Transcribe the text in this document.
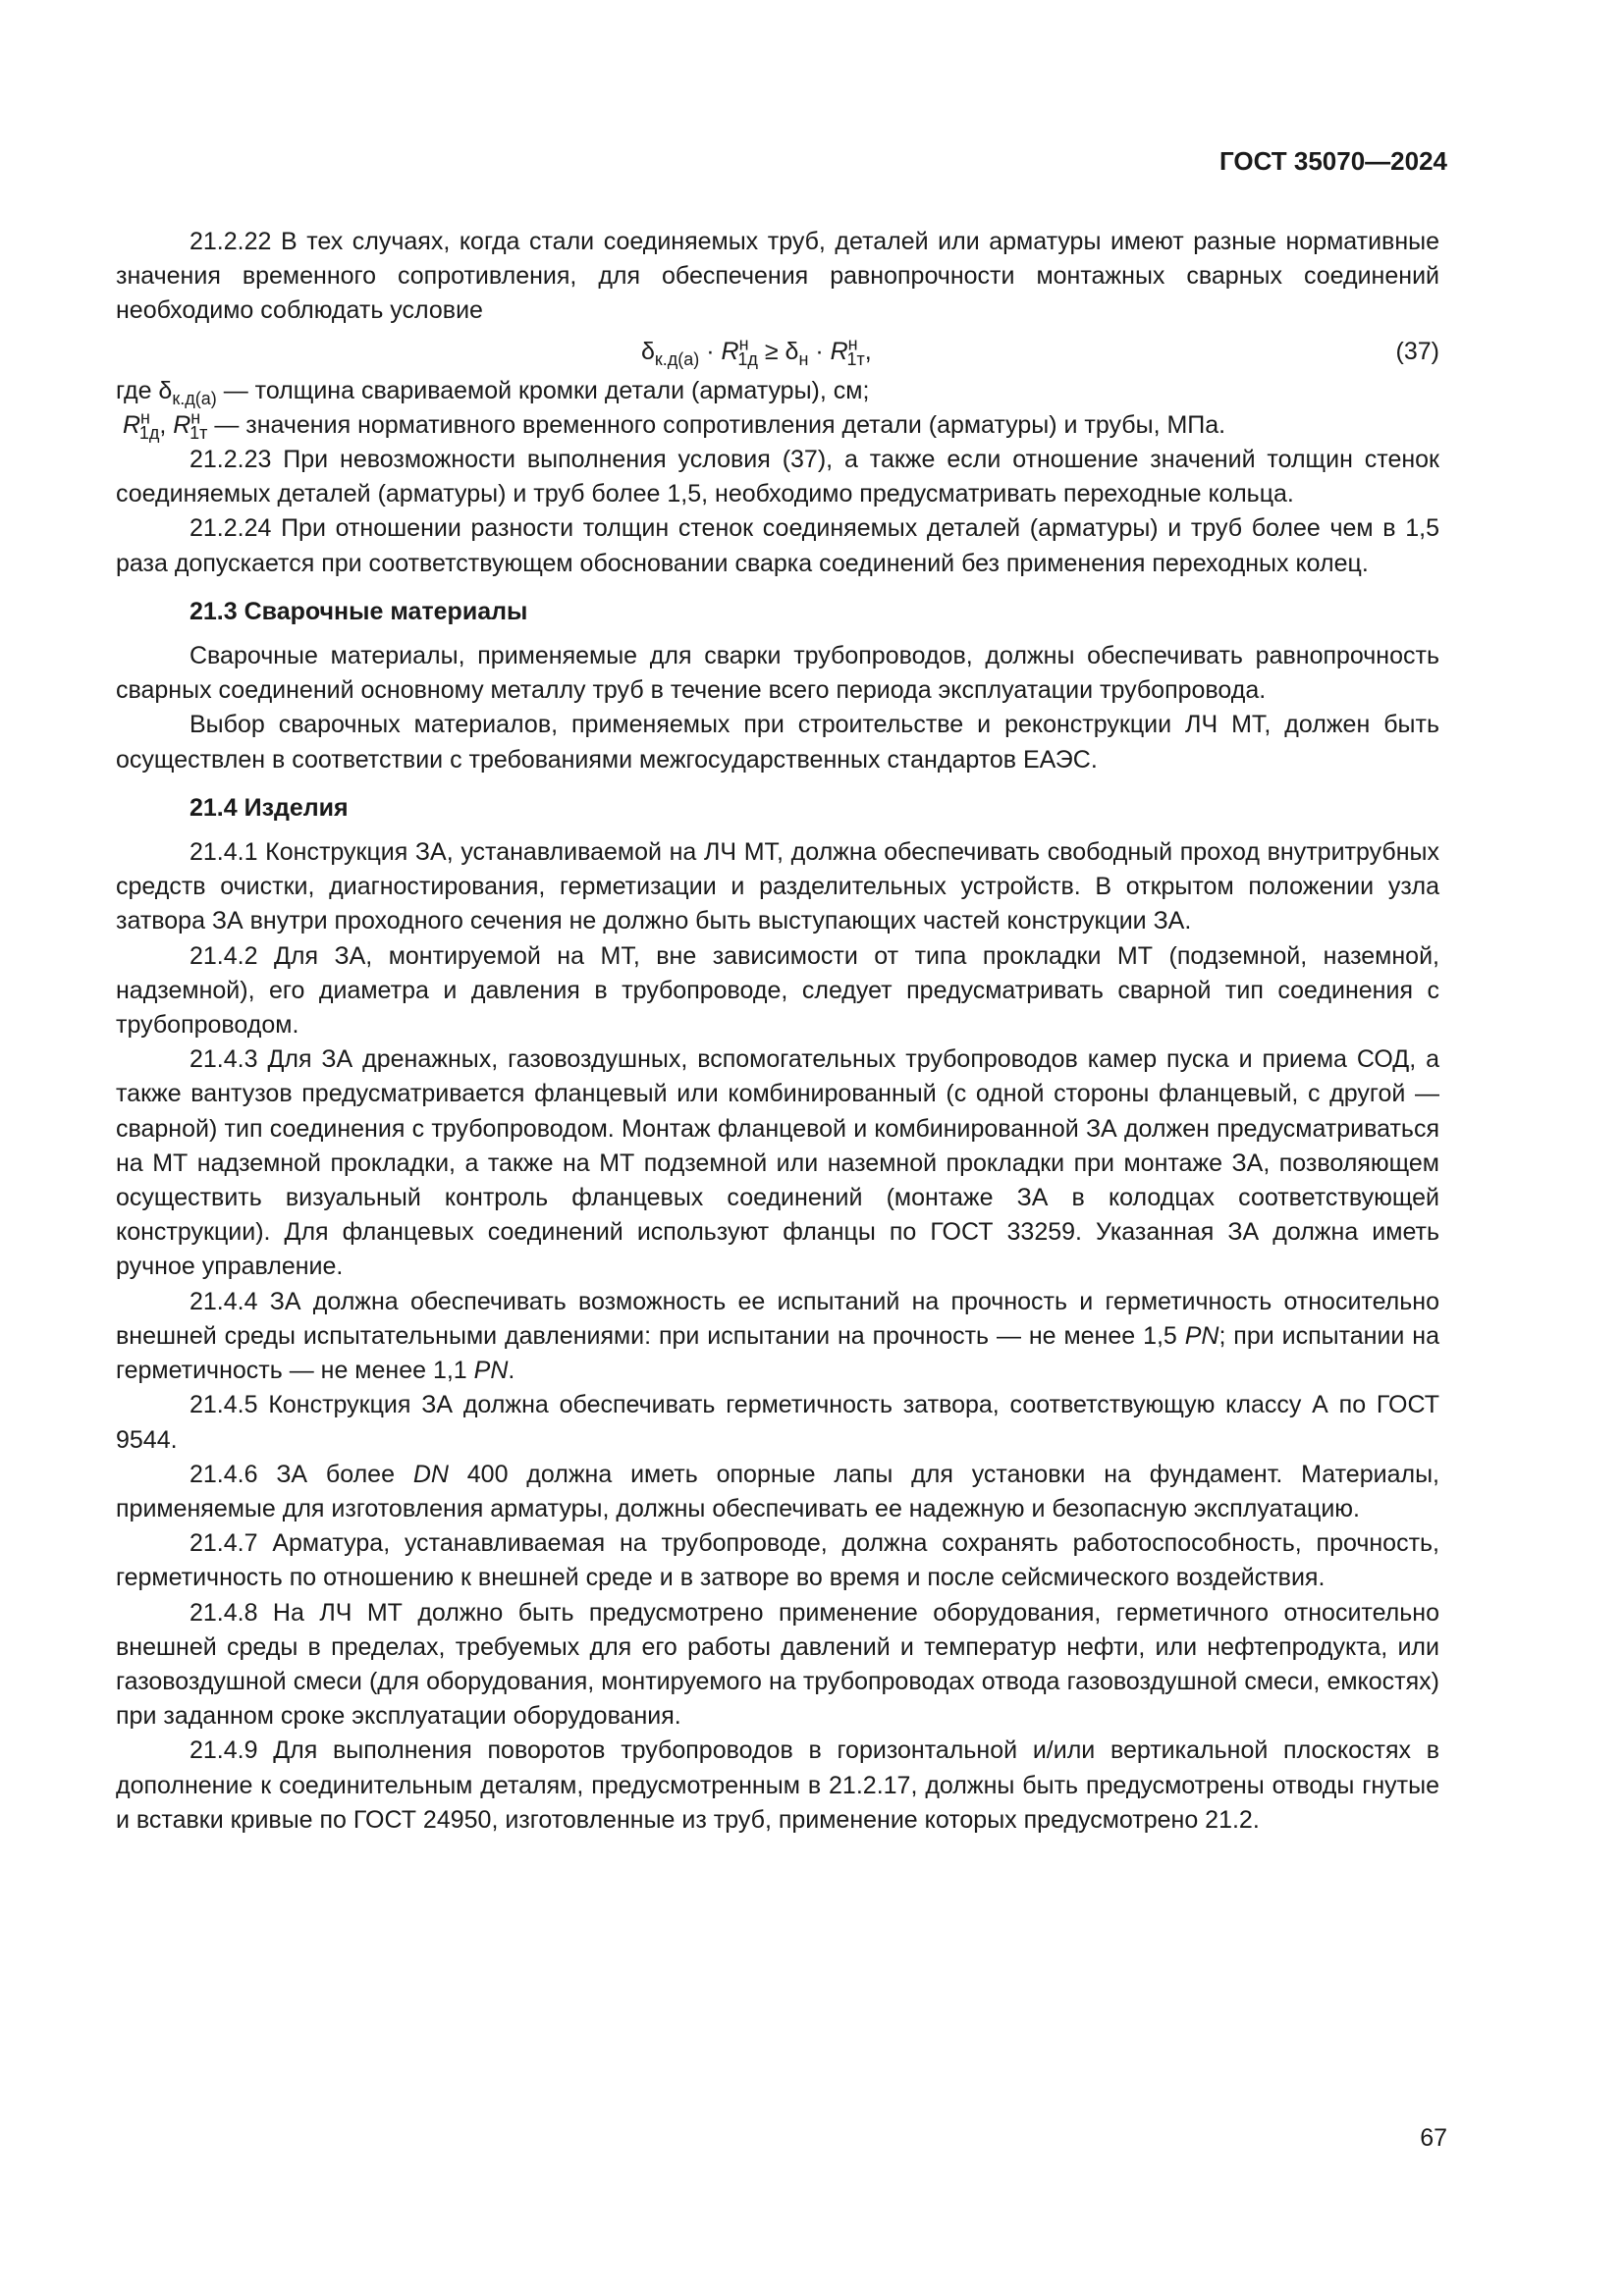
ГОСТ 35070—2024

21.2.22 В тех случаях, когда стали соединяемых труб, деталей или арматуры имеют разные нормативные значения временного сопротивления, для обеспечения равнопрочности монтажных сварных соединений необходимо соблюдать условие

$\delta_{к.д(а)} \cdot R^н_{1д} \ge \delta_н \cdot R^н_{1т}$,	(37)

где $\delta_{к.д(а)}$ — толщина свариваемой кромки детали (арматуры), см;

$R^н_{1д}$, $R^н_{1т}$ — значения нормативного временного сопротивления детали (арматуры) и трубы, МПа.

21.2.23 При невозможности выполнения условия (37), а также если отношение значений толщин стенок соединяемых деталей (арматуры) и труб более 1,5, необходимо предусматривать переходные кольца.

21.2.24 При отношении разности толщин стенок соединяемых деталей (арматуры) и труб более чем в 1,5 раза допускается при соответствующем обосновании сварка соединений без применения переходных колец.

21.3 Сварочные материалы

Сварочные материалы, применяемые для сварки трубопроводов, должны обеспечивать равнопрочность сварных соединений основному металлу труб в течение всего периода эксплуатации трубопровода.

Выбор сварочных материалов, применяемых при строительстве и реконструкции ЛЧ МТ, должен быть осуществлен в соответствии с требованиями межгосударственных стандартов ЕАЭС.

21.4 Изделия

21.4.1 Конструкция ЗА, устанавливаемой на ЛЧ МТ, должна обеспечивать свободный проход внутритрубных средств очистки, диагностирования, герметизации и разделительных устройств. В открытом положении узла затвора ЗА внутри проходного сечения не должно быть выступающих частей конструкции ЗА.

21.4.2 Для ЗА, монтируемой на МТ, вне зависимости от типа прокладки МТ (подземной, наземной, надземной), его диаметра и давления в трубопроводе, следует предусматривать сварной тип соединения с трубопроводом.

21.4.3 Для ЗА дренажных, газовоздушных, вспомогательных трубопроводов камер пуска и приема СОД, а также вантузов предусматривается фланцевый или комбинированный (с одной стороны фланцевый, с другой — сварной) тип соединения с трубопроводом. Монтаж фланцевой и комбинированной ЗА должен предусматриваться на МТ надземной прокладки, а также на МТ подземной или наземной прокладки при монтаже ЗА, позволяющем осуществить визуальный контроль фланцевых соединений (монтаже ЗА в колодцах соответствующей конструкции). Для фланцевых соединений используют фланцы по ГОСТ 33259. Указанная ЗА должна иметь ручное управление.

21.4.4 ЗА должна обеспечивать возможность ее испытаний на прочность и герметичность относительно внешней среды испытательными давлениями: при испытании на прочность — не менее 1,5 PN; при испытании на герметичность — не менее 1,1 PN.

21.4.5 Конструкция ЗА должна обеспечивать герметичность затвора, соответствующую классу А по ГОСТ 9544.

21.4.6 ЗА более DN 400 должна иметь опорные лапы для установки на фундамент. Материалы, применяемые для изготовления арматуры, должны обеспечивать ее надежную и безопасную эксплуатацию.

21.4.7 Арматура, устанавливаемая на трубопроводе, должна сохранять работоспособность, прочность, герметичность по отношению к внешней среде и в затворе во время и после сейсмического воздействия.

21.4.8 На ЛЧ МТ должно быть предусмотрено применение оборудования, герметичного относительно внешней среды в пределах, требуемых для его работы давлений и температур нефти, или нефтепродукта, или газовоздушной смеси (для оборудования, монтируемого на трубопроводах отвода газовоздушной смеси, емкостях) при заданном сроке эксплуатации оборудования.

21.4.9 Для выполнения поворотов трубопроводов в горизонтальной и/или вертикальной плоскостях в дополнение к соединительным деталям, предусмотренным в 21.2.17, должны быть предусмотрены отводы гнутые и вставки кривые по ГОСТ 24950, изготовленные из труб, применение которых предусмотрено 21.2.

67
